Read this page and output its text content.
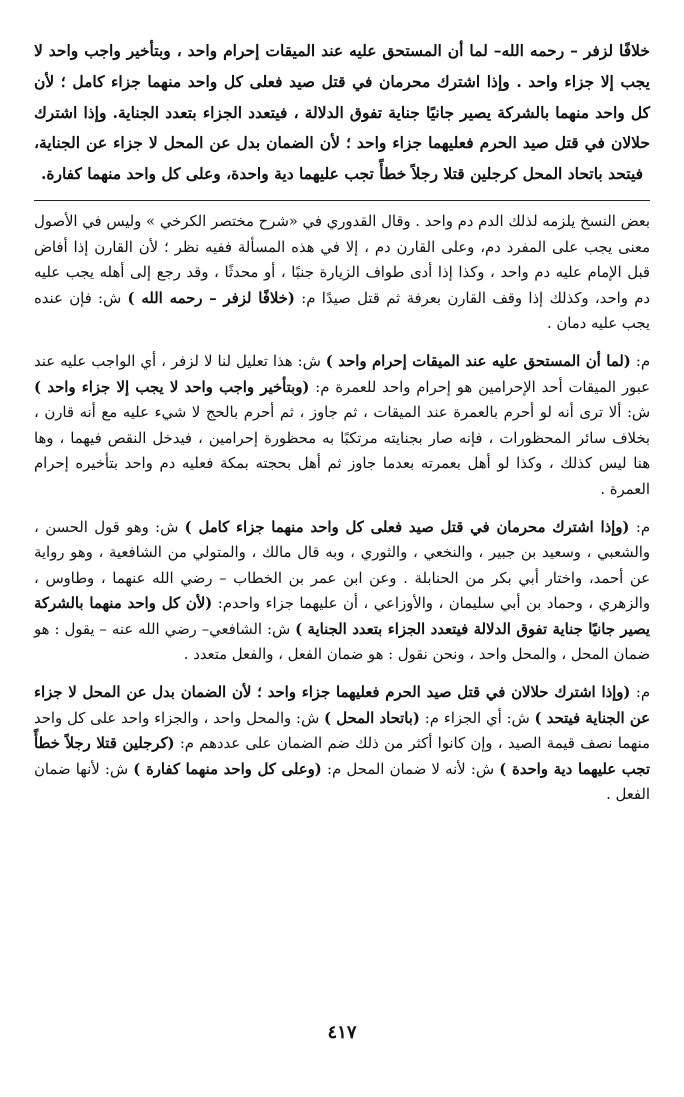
خلافًا لزفر – رحمه الله– لما أن المستحق عليه عند الميقات إحرام واحد ، وبتأخير واجب واحد لا يجب إلا جزاء واحد . وإذا اشترك محرمان في قتل صيد فعلى كل واحد منهما جزاء كامل ؛ لأن كل واحد منهما بالشركة يصير جانيًا جناية تفوق الدلالة ، فيتعدد الجزاء بتعدد الجناية. وإذا اشترك حلالان في قتل صيد الحرم فعليهما جزاء واحد ؛ لأن الضمان بدل عن المحل لا جزاء عن الجناية، فيتحد باتحاد المحل كرجلين قتلا رجلاً خطأً تجب عليهما دية واحدة، وعلى كل واحد منهما كفارة.

بعض النسخ يلزمه لذلك الدم دم واحد . وقال القدوري في «شرح مختصر الكرخي » وليس في الأصول معنى يجب على المفرد دم، وعلى القارن دم ، إلا في هذه المسألة ففيه نظر ؛ لأن القارن إذا أفاض قبل الإمام عليه دم واحد ، وكذا إذا أدى طواف الزيارة جنبًا ، أو محدثًا ، وقد رجع إلى أهله يجب عليه دم واحد، وكذلك إذا وقف القارن بعرفة ثم قتل صيدًا م: (خلافًا لزفر – رحمه الله ) ش: فإن عنده يجب عليه دمان .

م: (لما أن المستحق عليه عند الميقات إحرام واحد ) ش: هذا تعليل لنا لا لزفر ، أي الواجب عليه عند عبور الميقات أحد الإحرامين هو إحرام واحد للعمرة م: (وبتأخير واجب واحد لا يجب إلا جزاء واحد ) ش: ألا ترى أنه لو أحرم بالعمرة عند الميقات ، ثم جاوز ، ثم أحرم بالحج لا شيء عليه مع أنه قارن ، بخلاف سائر المحظورات ، فإنه صار بجنايته مرتكبًا به محظورة إحرامين ، فيدخل النقص فيهما ، وها هنا ليس كذلك ، وكذا لو أهل بعمرته بعدما جاوز ثم أهل بحجته بمكة فعليه دم واحد بتأخيره إحرام العمرة .

م: (وإذا اشترك محرمان في قتل صيد فعلى كل واحد منهما جزاء كامل ) ش: وهو قول الحسن ، والشعبي ، وسعيد بن جبير ، والنخعي ، والثوري ، وبه قال مالك ، والمتولي من الشافعية ، وهو رواية عن أحمد، واختار أبي بكر من الحنابلة . وعن ابن عمر بن الخطاب – رضي الله عنهما ، وطاوس ، والزهري ، وحماد بن أبي سليمان ، والأوزاعي ، أن عليهما جزاء واحدم: (لأن كل واحد منهما بالشركة يصير جانيًا جناية تفوق الدلالة فيتعدد الجزاء بتعدد الجناية ) ش: الشافعي– رضي الله عنه – يقول : هو ضمان المحل ، والمحل واحد ، ونحن نقول : هو ضمان الفعل ، والفعل متعدد .

م: (وإذا اشترك حلالان في قتل صيد الحرم فعليهما جزاء واحد ؛ لأن الضمان بدل عن المحل لا جزاء عن الجناية فيتحد ) ش: أي الجزاء م: (باتحاد المحل ) ش: والمحل واحد ، والجزاء واحد على كل واحد منهما نصف قيمة الصيد ، وإن كانوا أكثر من ذلك ضم الضمان على عددهم م: (كرجلين قتلا رجلاً خطأً تجب عليهما دية واحدة ) ش: لأنه لا ضمان المحل م: (وعلى كل واحد منهما كفارة ) ش: لأنها ضمان الفعل .

٤١٧
